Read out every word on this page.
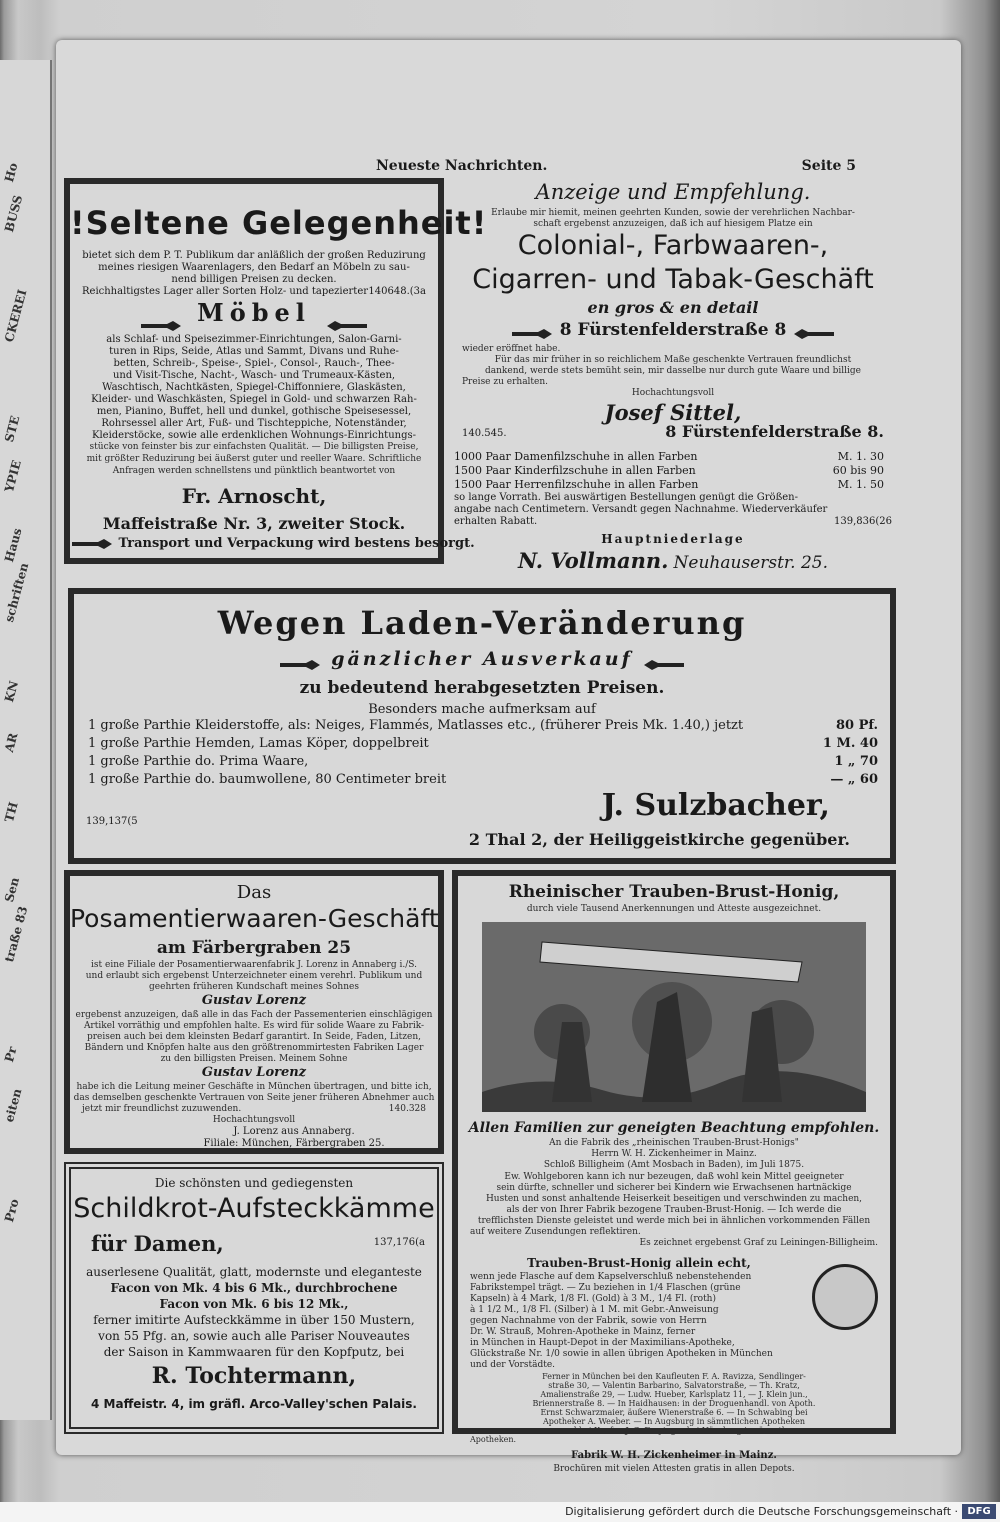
Ho
BUSS
CKEREI
STE
YPIE
Haus
schriften
KN
AR
TH
Sen
traße 83
Pr
eiten
Pro
Neueste Nachrichten.	Seite 5
!Seltene Gelegenheit!
bietet sich dem P. T. Publikum dar anläßlich der großen Reduzirung
meines riesigen Waarenlagers, den Bedarf an Möbeln zu sau-
nend billigen Preisen zu decken.
Reichhaltigstes Lager aller Sorten Holz- und tapezierter 140648.(3a
Möbel
als Schlaf- und Speisezimmer-Einrichtungen, Salon-Garni-
turen in Rips, Seide, Atlas und Sammt, Divans und Ruhe-
betten, Schreib-, Speise-, Spiel-, Consol-, Rauch-, Thee-
und Visit-Tische, Nacht-, Wasch- und Trumeaux-Kästen,
Waschtisch, Nachtkästen, Spiegel-Chiffonniere, Glaskästen,
Kleider- und Waschkästen, Spiegel in Gold- und schwarzen Rah-
men, Pianino, Buffet, hell und dunkel, gothische Speisesessel,
Rohrsessel aller Art, Fuß- und Tischteppiche, Notenständer,
Kleiderstöcke, sowie alle erdenklichen Wohnungs-Einrichtungs-
stücke von feinster bis zur einfachsten Qualität. — Die billigsten Preise,
mit größter Reduzirung bei äußerst guter und reeller Waare. Schriftliche
Anfragen werden schnellstens und pünktlich beantwortet von
Fr. Arnoscht,
Maffeistraße Nr. 3, zweiter Stock.
Transport und Verpackung wird bestens besorgt.
Anzeige und Empfehlung.
Erlaube mir hiemit, meinen geehrten Kunden, sowie der verehrlichen Nachbar-
schaft ergebenst anzuzeigen, daß ich auf hiesigem Platze ein
Colonial-, Farbwaaren-,
Cigarren- und Tabak-Geschäft
en gros & en detail
8 Fürstenfelderstraße 8
wieder eröffnet habe.
Für das mir früher in so reichlichem Maße geschenkte Vertrauen freundlichst
dankend, werde stets bemüht sein, mir dasselbe nur durch gute Waare und billige
Preise zu erhalten.
Hochachtungsvoll
Josef Sittel,
140.545.	8 Fürstenfelderstraße 8.
1000 Paar Damenfilzschuhe in allen Farben	M. 1. 30
1500 Paar Kinderfilzschuhe in allen Farben	60 bis 90
1500 Paar Herrenfilzschuhe in allen Farben	M. 1. 50
so lange Vorrath. Bei auswärtigen Bestellungen genügt die Größen-
angabe nach Centimetern. Versandt gegen Nachnahme. Wiederverkäufer
erhalten Rabatt.	139,836(26
Hauptniederlage
N. Vollmann. Neuhauserstr. 25.
Wegen Laden-Veränderung
gänzlicher Ausverkauf
zu bedeutend herabgesetzten Preisen.
Besonders mache aufmerksam auf
1 große Parthie Kleiderstoffe, als: Neiges, Flammés, Matlasses etc., (früherer Preis Mk. 1.40,) jetzt	80 Pf.
1 große Parthie Hemden, Lamas Köper, doppelbreit	1 M. 40
1 große Parthie do. Prima Waare,	1 „ 70
1 große Parthie do. baumwollene, 80 Centimeter breit	— „ 60
J. Sulzbacher,
139,137(5
2 Thal 2, der Heiliggeistkirche gegenüber.
Das
Posamentierwaaren-Geschäft
am Färbergraben 25
ist eine Filiale der Posamentierwaarenfabrik J. Lorenz in Annaberg i./S.
und erlaubt sich ergebenst Unterzeichneter einem verehrl. Publikum und
geehrten früheren Kundschaft meines Sohnes
Gustav Lorenz
ergebenst anzuzeigen, daß alle in das Fach der Passementerien einschlägigen
Artikel vorräthig und empfohlen halte. Es wird für solide Waare zu Fabrik-
preisen auch bei dem kleinsten Bedarf garantirt. In Seide, Faden, Litzen,
Bändern und Knöpfen halte aus den größtrenommirtesten Fabriken Lager
zu den billigsten Preisen. Meinem Sohne
Gustav Lorenz
habe ich die Leitung meiner Geschäfte in München übertragen, und bitte ich,
das demselben geschenkte Vertrauen von Seite jener früheren Abnehmer auch
jetzt mir freundlichst zuzuwenden.
Hochachtungsvoll
140.328
J. Lorenz aus Annaberg.
Filiale: München, Färbergraben 25.
Die schönsten und gediegensten
Schildkrot-Aufsteckkämme
für Damen,	137,176(a
auserlesene Qualität, glatt, modernste und eleganteste
Facon von Mk. 4 bis 6 Mk., durchbrochene
Facon von Mk. 6 bis 12 Mk.,
ferner imitirte Aufsteckkämme in über 150 Mustern,
von 55 Pfg. an, sowie auch alle Pariser Nouveautes
der Saison in Kammwaaren für den Kopfputz, bei
R. Tochtermann,
4 Maffeistr. 4, im gräfl. Arco-Valley'schen Palais.
Rheinischer Trauben-Brust-Honig,
durch viele Tausend Anerkennungen und Atteste ausgezeichnet.
Allen Familien zur geneigten Beachtung empfohlen.
An die Fabrik des „rheinischen Trauben-Brust-Honigs"
Herrn W. H. Zickenheimer in Mainz.
Schloß Billigheim (Amt Mosbach in Baden), im Juli 1875.
Ew. Wohlgeboren kann ich nur bezeugen, daß wohl kein Mittel geeigneter
sein dürfte, schneller und sicherer bei Kindern wie Erwachsenen hartnäckige
Husten und sonst anhaltende Heiserkeit beseitigen und verschwinden zu machen,
als der von Ihrer Fabrik bezogene Trauben-Brust-Honig. — Ich werde die
trefflichsten Dienste geleistet und werde mich bei in ähnlichen vorkommenden Fällen
auf weitere Zusendungen reflektiren.
Es zeichnet ergebenst Graf zu Leiningen-Billigheim.
Trauben-Brust-Honig allein echt,
wenn jede Flasche auf dem Kapselverschluß nebenstehenden
Fabrikstempel trägt. — Zu beziehen in 1/4 Flaschen (grüne
Kapseln) à 4 Mark, 1/8 Fl. (Gold) à 3 M., 1/4 Fl. (roth)
à 1 1/2 M., 1/8 Fl. (Silber) à 1 M. mit Gebr.-Anweisung
gegen Nachnahme von der Fabrik, sowie von Herrn
Dr. W. Strauß, Mohren-Apotheke in Mainz, ferner
in München in Haupt-Depot in der Maximilians-Apotheke,
Glückstraße Nr. 1/0 sowie in allen übrigen Apotheken in München
und der Vorstädte.
Ferner in München bei den Kaufleuten F. A. Ravizza, Sendlinger-
straße 30, — Valentin Barbarino, Salvatorstraße, — Th. Kratz,
Amalienstraße 29, — Ludw. Hueber, Karlsplatz 11, — J. Klein jun.,
Briennerstraße 8. — In Haidhausen: in der Droguenhandl. von Apoth.
Ernst Schwarzmaier, äußere Wienerstraße 6. — In Schwabing bei
Apotheker A. Weeber. — In Augsburg in sämmtlichen Apotheken
und bei Kaufm. J. G. Freyinger bei Nürnberg in sämmtl.
Apotheken.
Fabrik W. H. Zickenheimer in Mainz.
Brochüren mit vielen Attesten gratis in allen Depots.
Digitalisierung gefördert durch die Deutsche Forschungsgemeinschaft · DFG
